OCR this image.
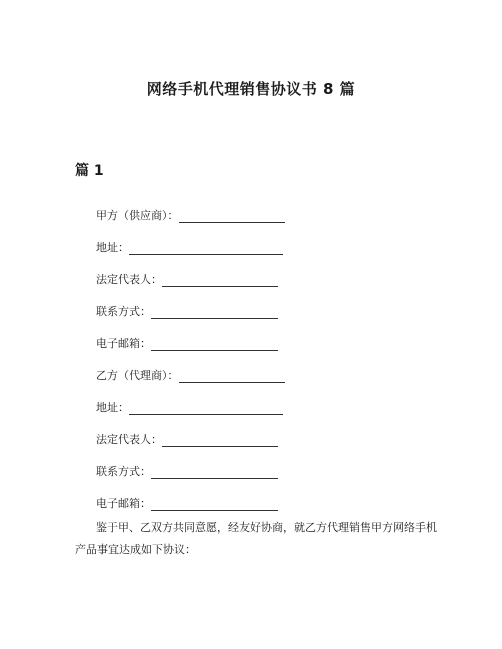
网络手机代理销售协议书 8 篇
篇 1
甲方（供应商）：
地址：
法定代表人：
联系方式：
电子邮箱：
乙方（代理商）：
地址：
法定代表人：
联系方式：
电子邮箱：

鉴于甲、乙双方共同意愿，经友好协商，就乙方代理销售甲方网络手机产品事宜达成如下协议：
